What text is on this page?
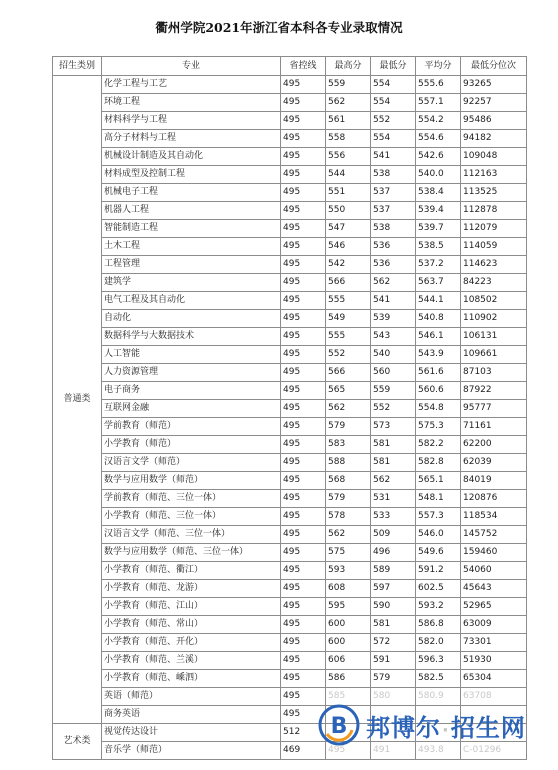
衢州学院2021年浙江省本科各专业录取情况
招生类别	专业	省控线	最高分	最低分	平均分	最低分位次
普通类	化学工程与工艺	495	559	554	555.6	93265
	环境工程	495	562	554	557.1	92257
	材料科学与工程	495	561	552	554.2	95486
	高分子材料与工程	495	558	554	554.6	94182
	机械设计制造及其自动化	495	556	541	542.6	109048
	材料成型及控制工程	495	544	538	540.0	112163
	机械电子工程	495	551	537	538.4	113525
	机器人工程	495	550	537	539.4	112878
	智能制造工程	495	547	538	539.7	112079
	土木工程	495	546	536	538.5	114059
	工程管理	495	542	536	537.2	114623
	建筑学	495	566	562	563.7	84223
	电气工程及其自动化	495	555	541	544.1	108502
	自动化	495	549	539	540.8	110902
	数据科学与大数据技术	495	555	543	546.1	106131
	人工智能	495	552	540	543.9	109661
	人力资源管理	495	566	560	561.6	87103
	电子商务	495	565	559	560.6	87922
	互联网金融	495	562	552	554.8	95777
	学前教育（师范）	495	579	573	575.3	71161
	小学教育（师范）	495	583	581	582.2	62200
	汉语言文学（师范）	495	588	581	582.8	62039
	数学与应用数学（师范）	495	568	562	565.1	84019
	学前教育（师范、三位一体）	495	579	531	548.1	120876
	小学教育（师范、三位一体）	495	578	533	557.3	118534
	汉语言文学（师范、三位一体）	495	562	509	546.0	145752
	数学与应用数学（师范、三位一体）	495	575	496	549.6	159460
	小学教育（师范、衢江）	495	593	589	591.2	54060
	小学教育（师范、龙游）	495	608	597	602.5	45643
	小学教育（师范、江山）	495	595	590	593.2	52965
	小学教育（师范、常山）	495	600	581	586.8	63009
	小学教育（师范、开化）	495	600	572	582.0	73301
	小学教育（师范、兰溪）	495	606	591	596.3	51930
	小学教育（师范、嵊泗）	495	586	579	582.5	65304
	英语（师范）	495	585	580	580.9	63708
	商务英语	495				
艺术类	视觉传达设计	512				
	音乐学（师范）	469	495	491	493.8	C-01296
B 邦博尔·招生网
